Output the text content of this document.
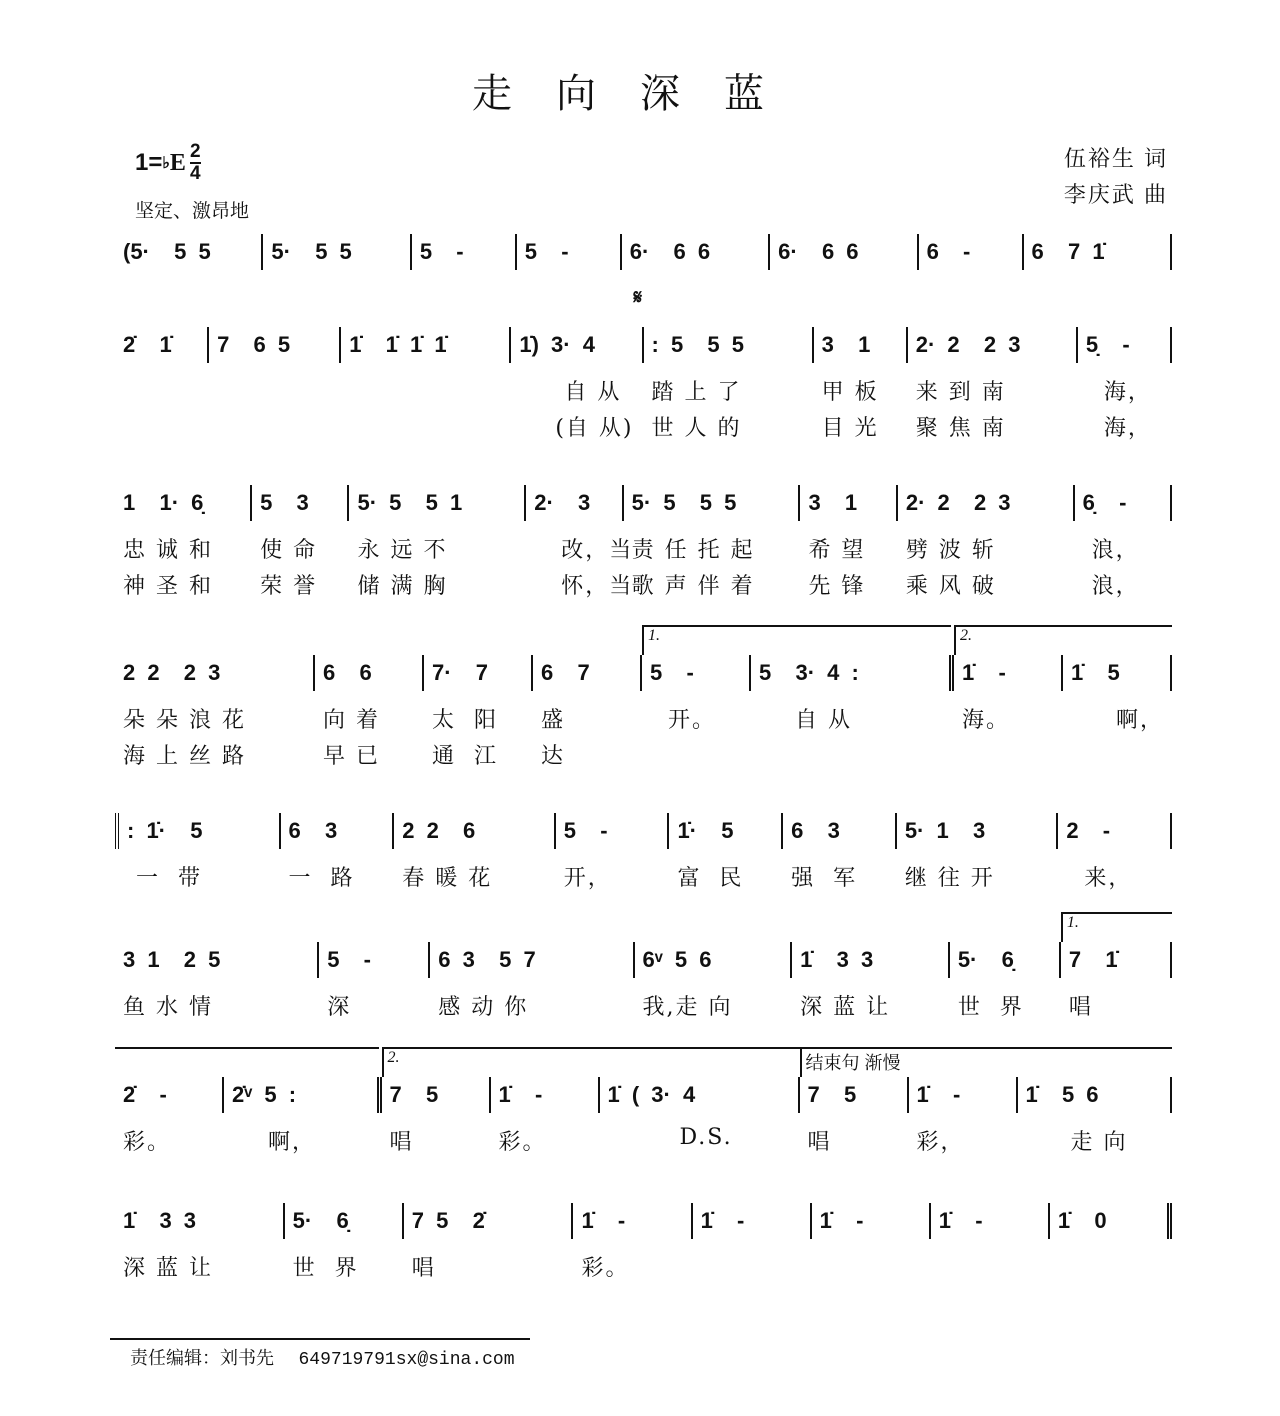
走向深蓝
1= ♭ E $\frac{2}{4}$
坚定、激昂地
伍裕生 词
李庆武 曲
(5·  5 5	5·  5 5	5  -	5  -	6·  6 6	6·  6 6	6  -	6  7 1̇
2̇  1̇	7  6 5	1̇  1̇ 1̇ 1̇	1̇) 3· 4
自 从
(自 从)
: 5  5 5
踏 上 了
世 人 的
𝄋
3  1
甲 板
目 光
2· 2  2 3
来 到 南
聚 焦 南
5̣  -
海，
海，
1  1· 6̣
忠 诚 和
神 圣 和
5  3
使 命
荣 誉
5· 5  5 1
永 远 不
储 满 胸
2·  3
改，当
怀，当
5· 5  5 5
责 任 托 起
歌 声 伴 着
3  1
希 望
先 锋
2· 2  2 3
劈 波 斩
乘 风 破
6̣  -
浪，
浪，
2 2  2 3
朵 朵 浪 花
海 上 丝 路
6  6
向 着
早 已
7·  7
太  阳
通  江
6  7
盛
达
5  -
开。
1.
5  3· 4 :
自 从
1̇  -
海。
2.
1̇  5
啊，
: 1̇·  5
一  带
6  3
一  路
2 2  6
春 暖 花
5  -
开，
1̇·  5
富  民
6  3
强  军
5· 1  3
继 往 开
2  -
来，
3 1  2 5
鱼 水 情
5  -
深
6 3  5 7
感 动 你
6ᵛ 5 6
我,走 向
1̇  3 3
深 蓝 让
5·  6̣
世  界
7  1̇
唱
1.
2̇  -
彩。
2̇ᵛ 5 :
啊，
7  5
唱
2.
1̇  -
彩。
1̇ ( 3· 4
D.S.
7  5
唱
结束句 渐慢
1̇  -
彩，
1̇  5 6
走 向
1̇  3 3
深 蓝 让
5·  6̣
世  界
7 5  2̇
唱
1̇  -
彩。
1̇  -	1̇  -	1̇  -	1̇  0
责任编辑：刘书先 649719791sx@sina.com
